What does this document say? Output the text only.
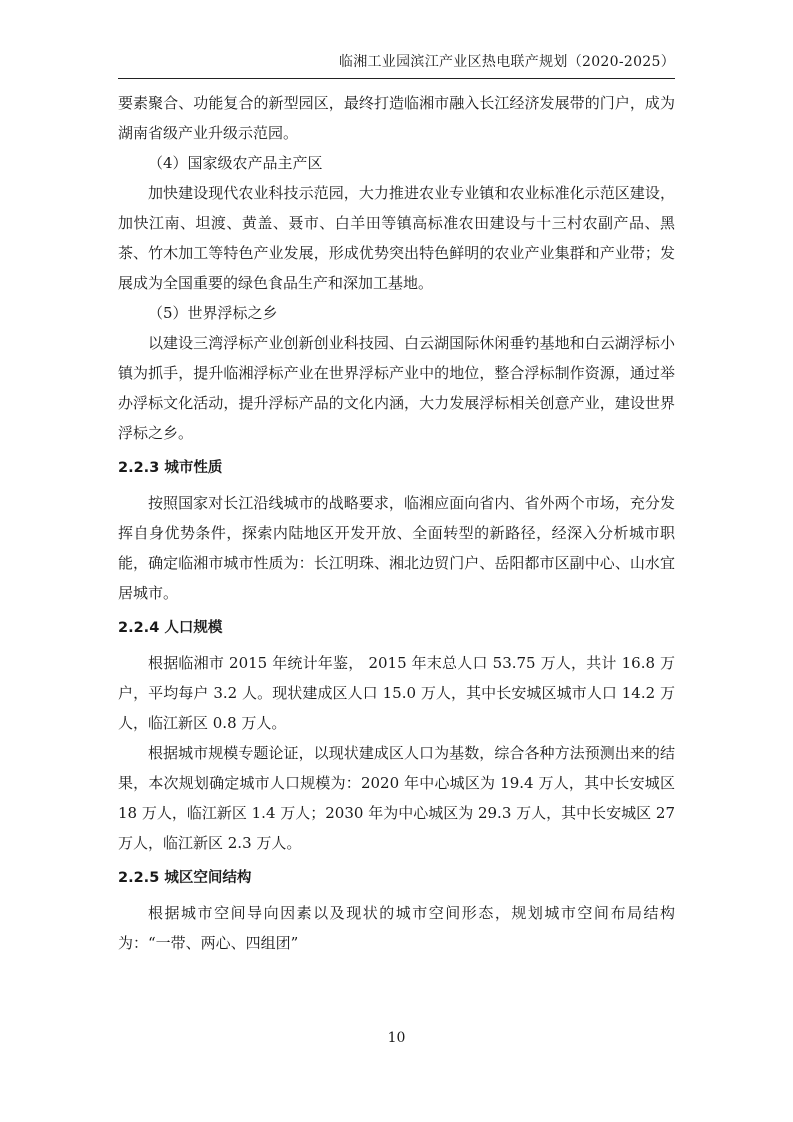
临湘工业园滨江产业区热电联产规划（2020-2025）

要素聚合、功能复合的新型园区，最终打造临湘市融入长江经济发展带的门户，成为湖南省级产业升级示范园。

（4）国家级农产品主产区

加快建设现代农业科技示范园，大力推进农业专业镇和农业标准化示范区建设，加快江南、坦渡、黄盖、聂市、白羊田等镇高标准农田建设与十三村农副产品、黑茶、竹木加工等特色产业发展，形成优势突出特色鲜明的农业产业集群和产业带；发展成为全国重要的绿色食品生产和深加工基地。

（5）世界浮标之乡

以建设三湾浮标产业创新创业科技园、白云湖国际休闲垂钓基地和白云湖浮标小镇为抓手，提升临湘浮标产业在世界浮标产业中的地位，整合浮标制作资源，通过举办浮标文化活动，提升浮标产品的文化内涵，大力发展浮标相关创意产业，建设世界浮标之乡。

2.2.3 城市性质

按照国家对长江沿线城市的战略要求，临湘应面向省内、省外两个市场，充分发挥自身优势条件，探索内陆地区开发开放、全面转型的新路径，经深入分析城市职能，确定临湘市城市性质为：长江明珠、湘北边贸门户、岳阳都市区副中心、山水宜居城市。

2.2.4 人口规模

根据临湘市 2015 年统计年鉴， 2015 年末总人口 53.75 万人，共计 16.8 万户，平均每户 3.2 人。现状建成区人口 15.0 万人，其中长安城区城市人口 14.2 万人，临江新区 0.8 万人。

根据城市规模专题论证，以现状建成区人口为基数，综合各种方法预测出来的结果，本次规划确定城市人口规模为：2020 年中心城区为 19.4 万人，其中长安城区 18 万人，临江新区 1.4 万人；2030 年为中心城区为 29.3 万人，其中长安城区 27 万人，临江新区 2.3 万人。

2.2.5 城区空间结构

根据城市空间导向因素以及现状的城市空间形态，规划城市空间布局结构为：“一带、两心、四组团”

10
